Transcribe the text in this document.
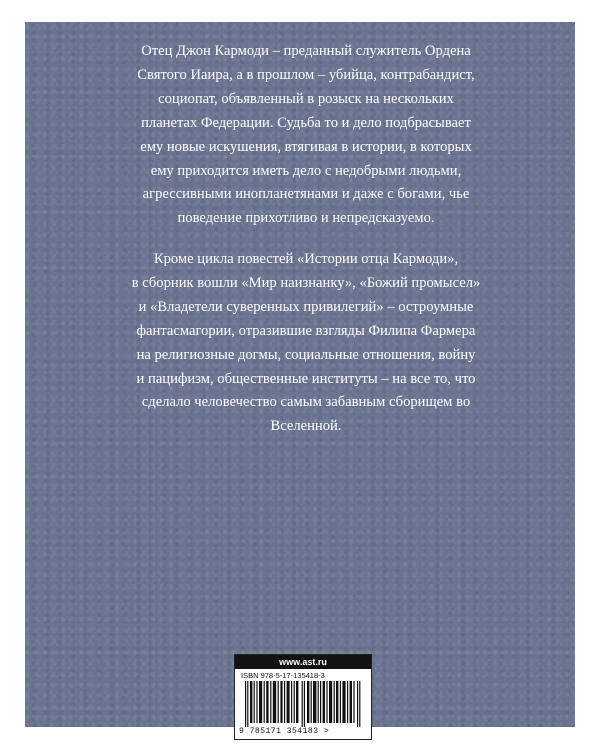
Отец Джон Кармоди – преданный служитель Ордена
Святого Иаира, а в прошлом – убийца, контрабандист,
социопат, объявленный в розыск на нескольких
планетах Федерации. Судьба то и дело подбрасывает
ему новые искушения, втягивая в истории, в которых
ему приходится иметь дело с недобрыми людьми,
агрессивными инопланетянами и даже с богами, чье
поведение прихотливо и непредсказуемо.
Кроме цикла повестей «Истории отца Кармоди»,
в сборник вошли «Мир наизнанку», «Божий промысел»
и «Владетели суверенных привилегий» – остроумные
фантасмагории, отразившие взгляды Филипа Фармера
на религиозные догмы, социальные отношения, войну
и пацифизм, общественные институты – на все то, что
сделало человечество самым забавным сборищем во
Вселенной.
www.ast.ru
ISBN 978-5-17-135418-3
9 785171 354183 >
